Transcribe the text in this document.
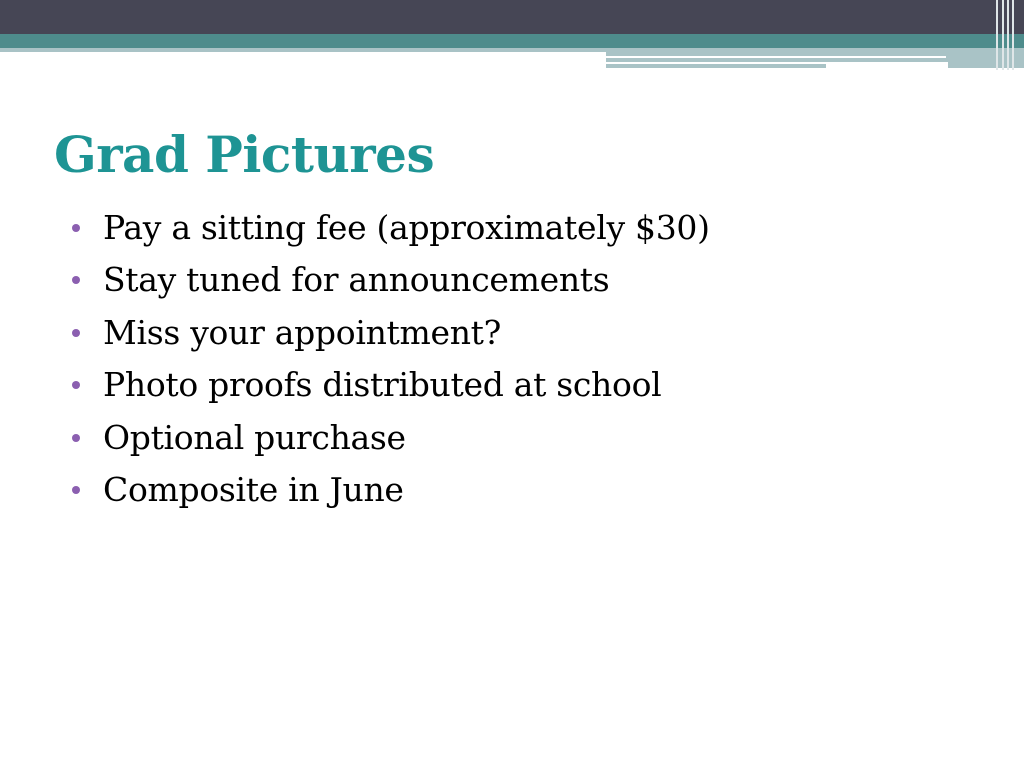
Grad Pictures
Pay a sitting fee (approximately $30)
Stay tuned for announcements
Miss your appointment?
Photo proofs distributed at school
Optional purchase
Composite in June
